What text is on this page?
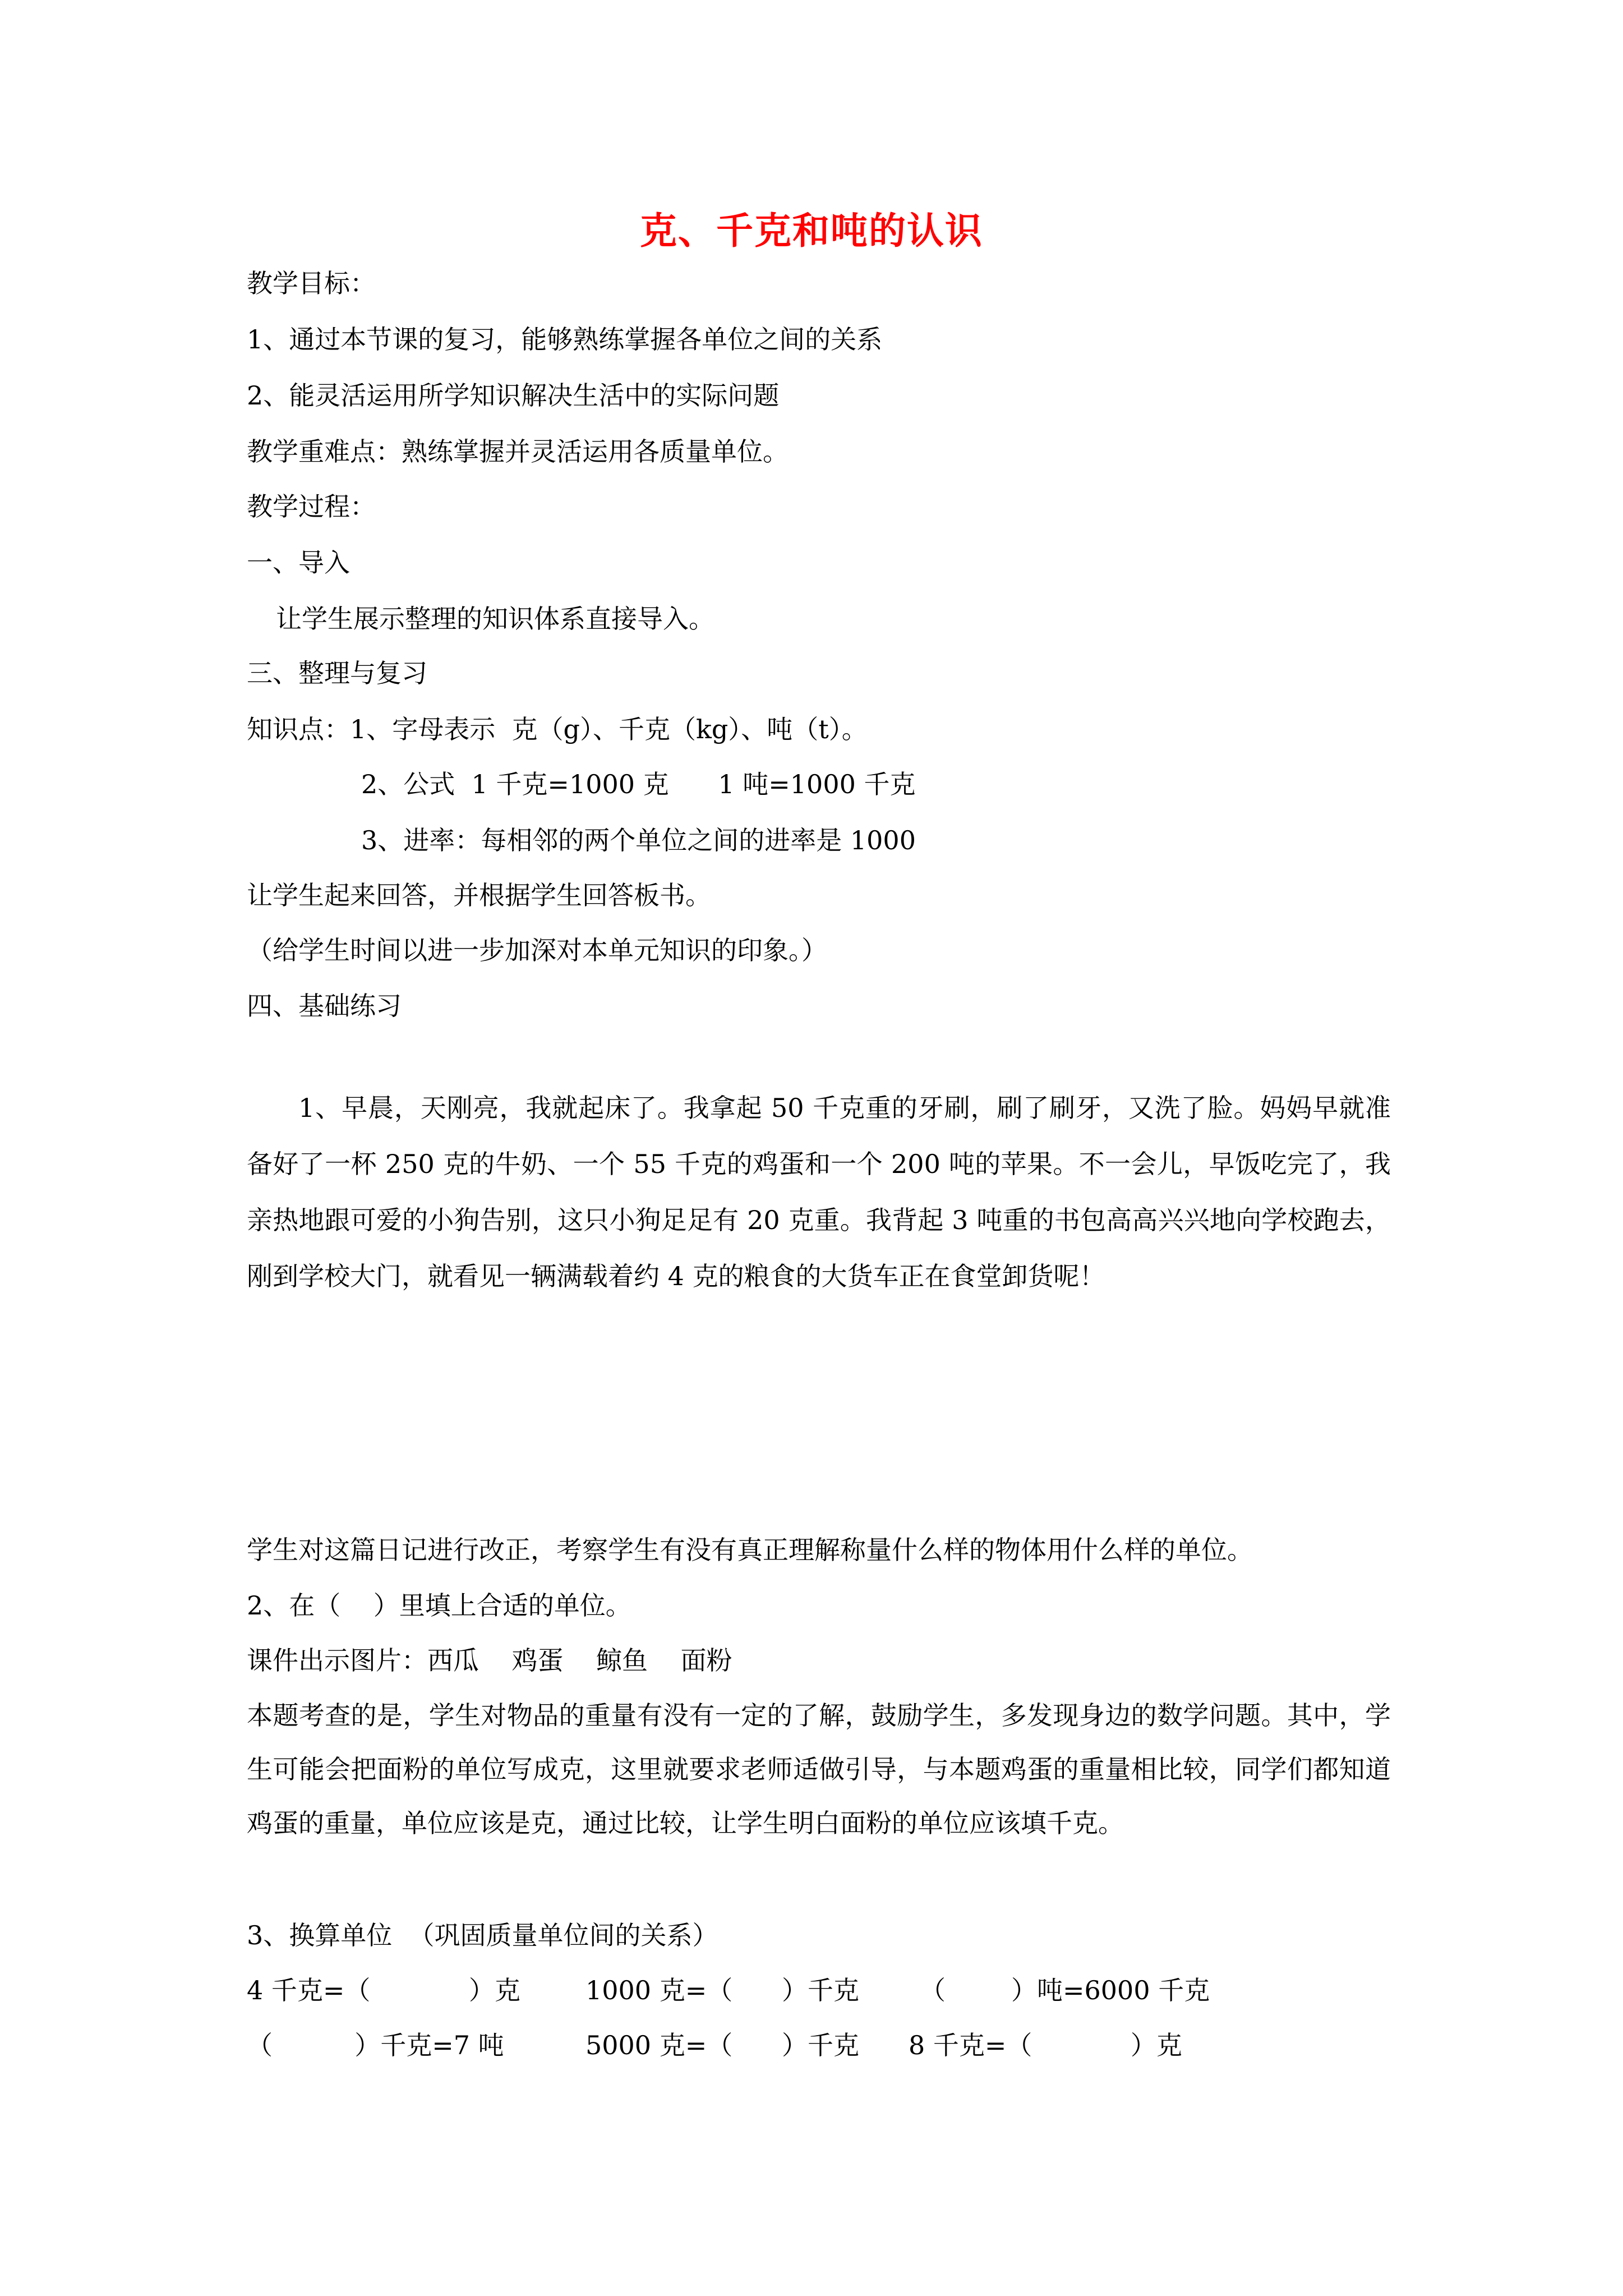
克、千克和吨的认识
教学目标：
1、通过本节课的复习，能够熟练掌握各单位之间的关系
2、能灵活运用所学知识解决生活中的实际问题
教学重难点：熟练掌握并灵活运用各质量单位。
教学过程：
一、导入
让学生展示整理的知识体系直接导入。
三、整理与复习
知识点：1、字母表示  克（g）、千克（kg）、吨（t）。
2、公式  1 千克=1000 克      1 吨=1000 千克
3、进率：每相邻的两个单位之间的进率是 1000
让学生起来回答，并根据学生回答板书。
（给学生时间以进一步加深对本单元知识的印象。）
四、基础练习
1、早晨，天刚亮，我就起床了。我拿起 50 千克重的牙刷，刷了刷牙，又洗了脸。妈妈早就准备好了一杯 250 克的牛奶、一个 55 千克的鸡蛋和一个 200 吨的苹果。不一会儿，早饭吃完了，我亲热地跟可爱的小狗告别，这只小狗足足有 20 克重。我背起 3 吨重的书包高高兴兴地向学校跑去，刚到学校大门，就看见一辆满载着约 4 克的粮食的大货车正在食堂卸货呢！
学生对这篇日记进行改正，考察学生有没有真正理解称量什么样的物体用什么样的单位。
2、在（    ）里填上合适的单位。
课件出示图片：西瓜    鸡蛋    鲸鱼    面粉
本题考查的是，学生对物品的重量有没有一定的了解，鼓励学生，多发现身边的数学问题。其中，学生可能会把面粉的单位写成克，这里就要求老师适做引导，与本题鸡蛋的重量相比较，同学们都知道鸡蛋的重量，单位应该是克，通过比较，让学生明白面粉的单位应该填千克。
3、换算单位  （巩固质量单位间的关系）
4 千克=（            ）克	1000 克=（      ）千克 （        ）吨=6000 千克
（          ）千克=7 吨	5000 克=（      ）千克 8 千克=（            ）克
